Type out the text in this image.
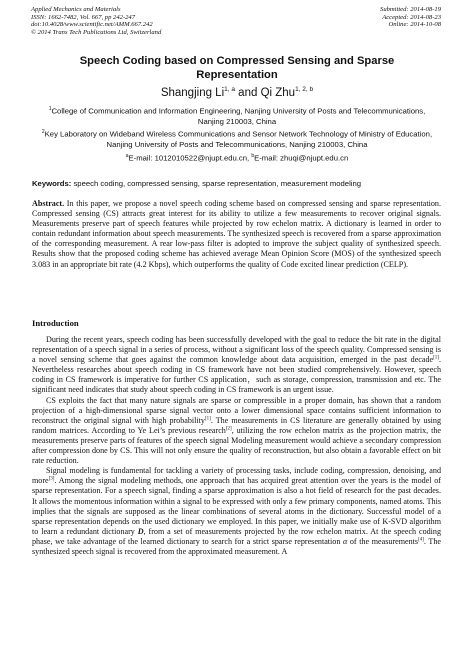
Applied Mechanics and Materials
ISSN: 1662-7482, Vol. 667, pp 242-247
doi:10.4028/www.scientific.net/AMM.667.242
© 2014 Trans Tech Publications Ltd, Switzerland
Submitted: 2014-08-19
Accepted: 2014-08-23
Online: 2014-10-08
Speech Coding based on Compressed Sensing and Sparse
Representation
Shangjing Li$^{1, a}$ and Qi Zhu$^{1, 2, b}$
$^1$College of Communication and Information Engineering, Nanjing University of Posts and Telecommunications, Nanjing 210003, China
$^2$Key Laboratory on Wideband Wireless Communications and Sensor Network Technology of Ministry of Education, Nanjing University of Posts and Telecommunications, Nanjing 210003, China
$^a$E-mail: 1012010522@njupt.edu.cn, $^b$E-mail: zhuqi@njupt.edu.cn
Keywords: speech coding, compressed sensing, sparse representation, measurement modeling
Abstract. In this paper, we propose a novel speech coding scheme based on compressed sensing and sparse representation. Compressed sensing (CS) attracts great interest for its ability to utilize a few measurements to recover original signals. Measurements preserve part of speech features while projected by row echelon matrix. A dictionary is learned in order to contain redundant information about speech measurements. The synthesized speech is recovered from a sparse approximation of the corresponding measurement. A rear low-pass filter is adopted to improve the subject quality of synthesized speech. Results show that the proposed coding scheme has achieved average Mean Opinion Score (MOS) of the synthesized speech 3.083 in an appropriate bit rate (4.2 Kbps), which outperforms the quality of Code excited linear prediction (CELP).
Introduction

During the recent years, speech coding has been successfully developed with the goal to reduce the bit rate in the digital representation of a speech signal in a series of process, without a significant loss of the speech quality. Compressed sensing is a novel sensing scheme that goes against the common knowledge about data acquisition, emerged in the past decade[1]. Nevertheless researches about speech coding in CS framework have not been studied comprehensively. However, speech coding in CS framework is imperative for further CS application，such as storage, compression, transmission and etc. The significant need indicates that study about speech coding in CS framework is an urgent issue.

CS exploits the fact that many nature signals are sparse or compressible in a proper domain, has shown that a random projection of a high-dimensional sparse signal vector onto a lower dimensional space contains sufficient information to reconstruct the original signal with high probability[1]. The measurements in CS literature are generally obtained by using random matrices. According to Ye Lei’s previous research[2], utilizing the row echelon matrix as the projection matrix, the measurements preserve parts of features of the speech signal Modeling measurement would achieve a secondary compression after compression done by CS. This will not only ensure the quality of reconstruction, but also obtain a favorable effect on bit rate reduction.

Signal modeling is fundamental for tackling a variety of processing tasks, include coding, compression, denoising, and more[3]. Among the signal modeling methods, one approach that has acquired great attention over the years is the model of sparse representation. For a speech signal, finding a sparse approximation is also a hot field of research for the past decades. It allows the momentous information within a signal to be expressed with only a few primary components, named atoms. This implies that the signals are supposed as the linear combinations of several atoms in the dictionary. Successful model of a sparse representation depends on the used dictionary we employed. In this paper, we initially make use of K-SVD algorithm to learn a redundant dictionary D, from a set of measurements projected by the row echelon matrix. At the speech coding phase, we take advantage of the learned dictionary to search for a strict sparse representation α of the measurements[4]. The synthesized speech signal is recovered from the approximated measurement. A
